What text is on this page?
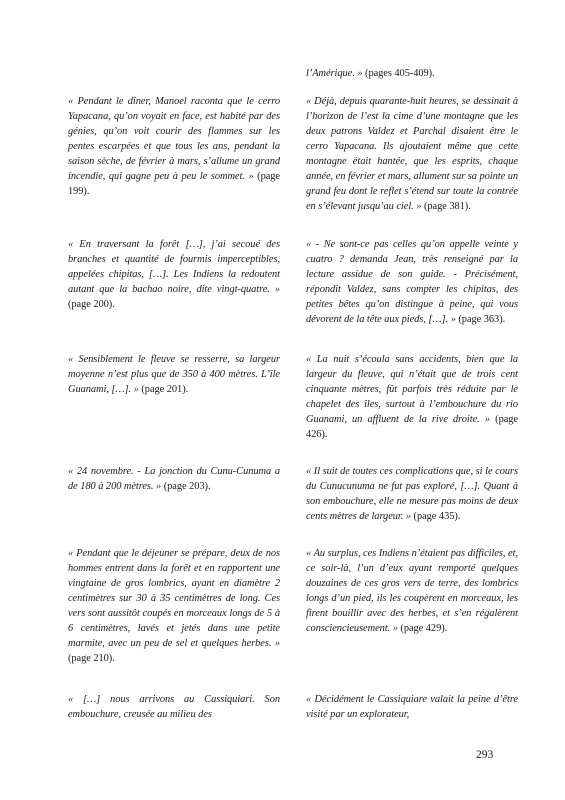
l’Amérique. » (pages 405-409).
« Pendant le dîner, Manoel raconta que le cerro Yapacana, qu’on voyait en face, est habité par des génies, qu’on voit courir des flammes sur les pentes escarpées et que tous les ans, pendant la saison sèche, de février à mars, s’allume un grand incendie, qui gagne peu à peu le sommet. » (page 199).
« Déjà, depuis quarante-huit heures, se dessinait à l’horizon de l’est la cime d’une montagne que les deux patrons Valdez et Parchal disaient être le cerro Yapacana. Ils ajoutaient même que cette montagne était hantée, que les esprits, chaque année, en février et mars, allument sur sa pointe un grand feu dont le reflet s’étend sur toute la contrée en s’élevant jusqu’au ciel. » (page 381).
« En traversant la forêt […], j’ai secoué des branches et quantité de fourmis imperceptibles, appelées chipitas, […]. Les Indiens la redoutent autant que la bachao noire, dite vingt-quatre. » (page 200).
« - Ne sont-ce pas celles qu’on appelle veinte y cuatro ? demanda Jean, très renseigné par la lecture assidue de son guide. - Précisément, répondit Valdez, sans compter les chipitas, des petites bêtes qu’on distingue à peine, qui vous dévorent de la tête aux pieds, […]. » (page 363).
« Sensiblement le fleuve se resserre, sa largeur moyenne n’est plus que de 350 à 400 mètres. L’île Guanami, […]. » (page 201).
« La nuit s’écoula sans accidents, bien que la largeur du fleuve, qui n’était que de trois cent cinquante mètres, fût parfois très réduite par le chapelet des îles, surtout à l’embouchure du rio Guanami, un affluent de la rive droite. » (page 426).
« 24 novembre. - La jonction du Cunu-Cunuma a de 180 à 200 mètres. » (page 203).
« Il suit de toutes ces complications que, si le cours du Cunucunuma ne fut pas exploré, […]. Quant à son embouchure, elle ne mesure pas moins de deux cents mètres de largeur. » (page 435).
« Pendant que le déjeuner se prépare, deux de nos hommes entrent dans la forêt et en rapportent une vingtaine de gros lombrics, ayant en diamètre 2 centimètres sur 30 à 35 centimètres de long. Ces vers sont aussitôt coupés en morceaux longs de 5 à 6 centimètres, lavés et jetés dans une petite marmite, avec un peu de sel et quelques herbes. » (page 210).
« Au surplus, ces Indiens n’étaient pas difficiles, et, ce soir-là, l’un d’eux ayant remporté quelques douzaines de ces gros vers de terre, des lombrics longs d’un pied, ils les coupèrent en morceaux, les firent bouillir avec des herbes, et s’en régalèrent consciencieusement. » (page 429).
« […] nous arrivons au Cassiquiari. Son embouchure, creusée au milieu des
« Décidément le Cassiquiare valait la peine d’être visité par un explorateur,
293
